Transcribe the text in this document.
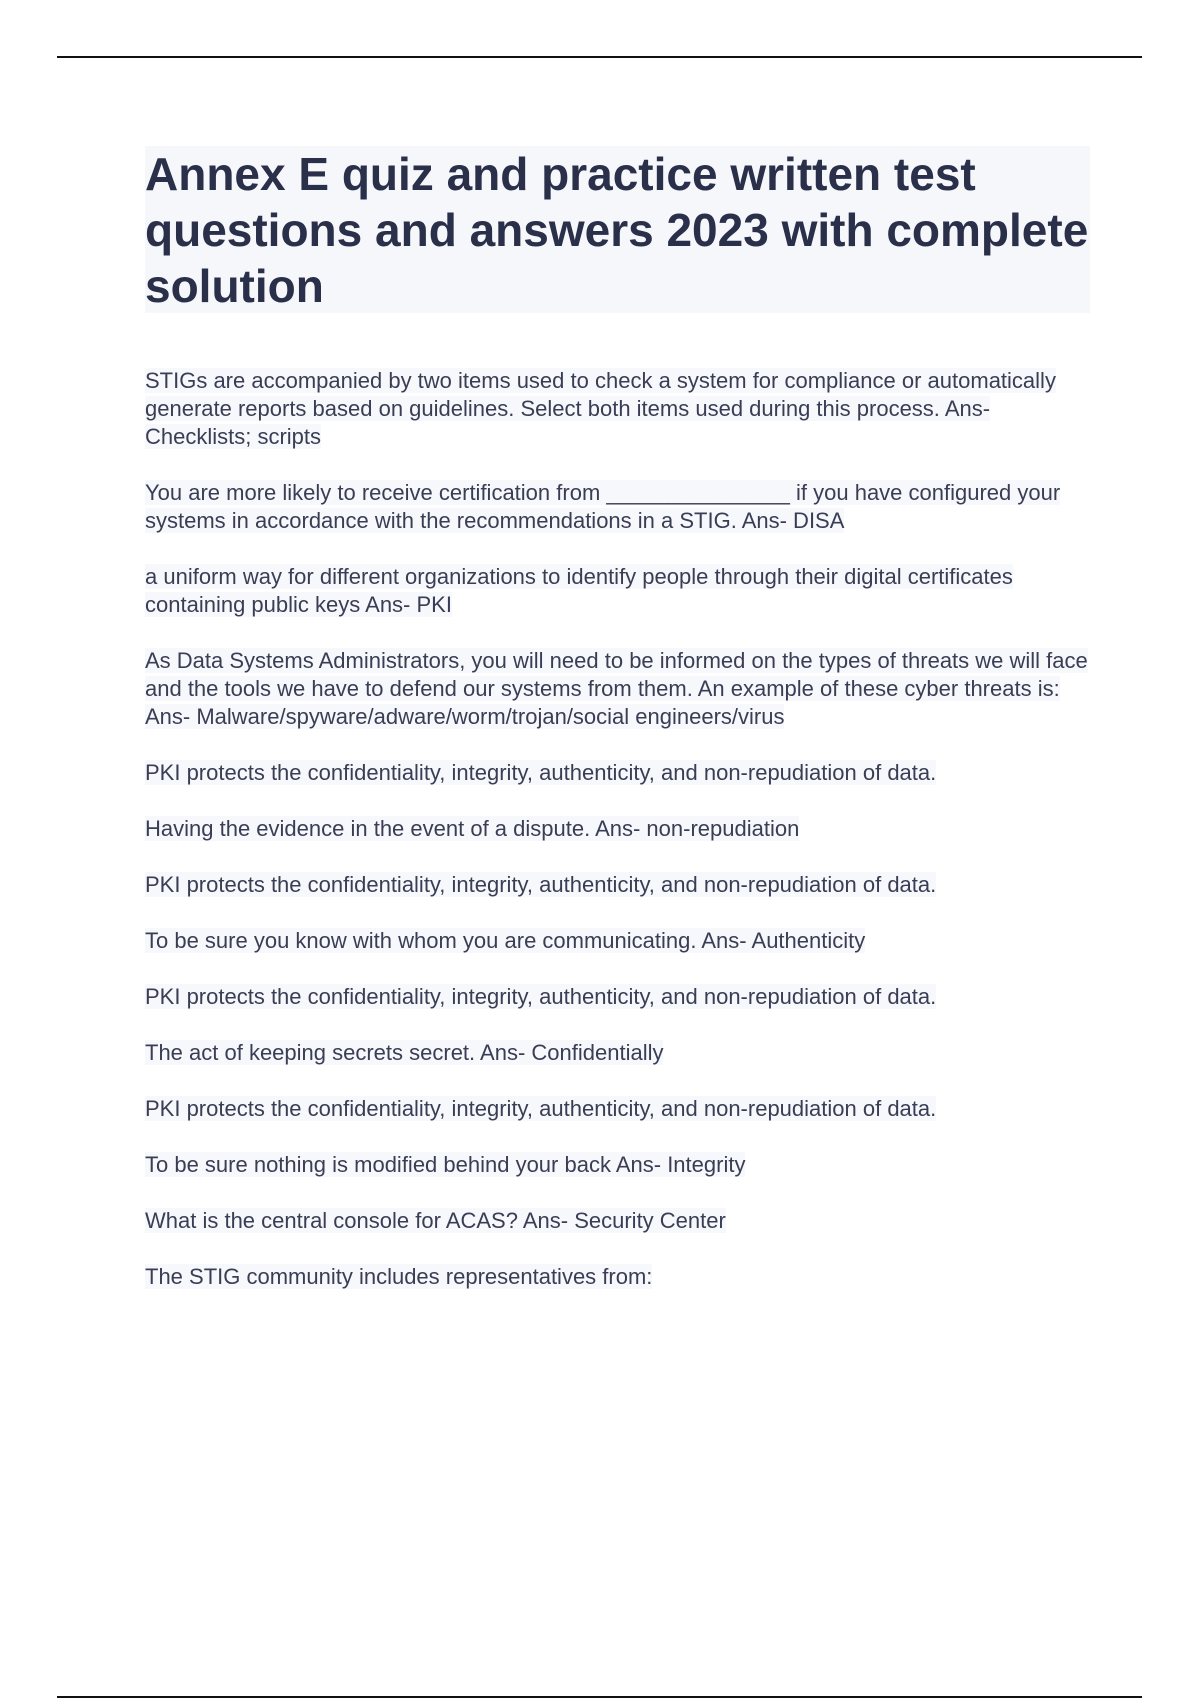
Annex E quiz and practice written test questions and answers 2023 with complete solution
STIGs are accompanied by two items used to check a system for compliance or automatically generate reports based on guidelines. Select both items used during this process. Ans- Checklists; scripts
You are more likely to receive certification from _______________ if you have configured your systems in accordance with the recommendations in a STIG. Ans- DISA
a uniform way for different organizations to identify people through their digital certificates containing public keys Ans- PKI
As Data Systems Administrators, you will need to be informed on the types of threats we will face and the tools we have to defend our systems from them. An example of these cyber threats is: Ans- Malware/spyware/adware/worm/trojan/social engineers/virus
PKI protects the confidentiality, integrity, authenticity, and non-repudiation of data.
Having the evidence in the event of a dispute. Ans- non-repudiation
PKI protects the confidentiality, integrity, authenticity, and non-repudiation of data.
To be sure you know with whom you are communicating. Ans- Authenticity
PKI protects the confidentiality, integrity, authenticity, and non-repudiation of data.
The act of keeping secrets secret. Ans- Confidentially
PKI protects the confidentiality, integrity, authenticity, and non-repudiation of data.
To be sure nothing is modified behind your back Ans- Integrity
What is the central console for ACAS? Ans- Security Center
The STIG community includes representatives from:
